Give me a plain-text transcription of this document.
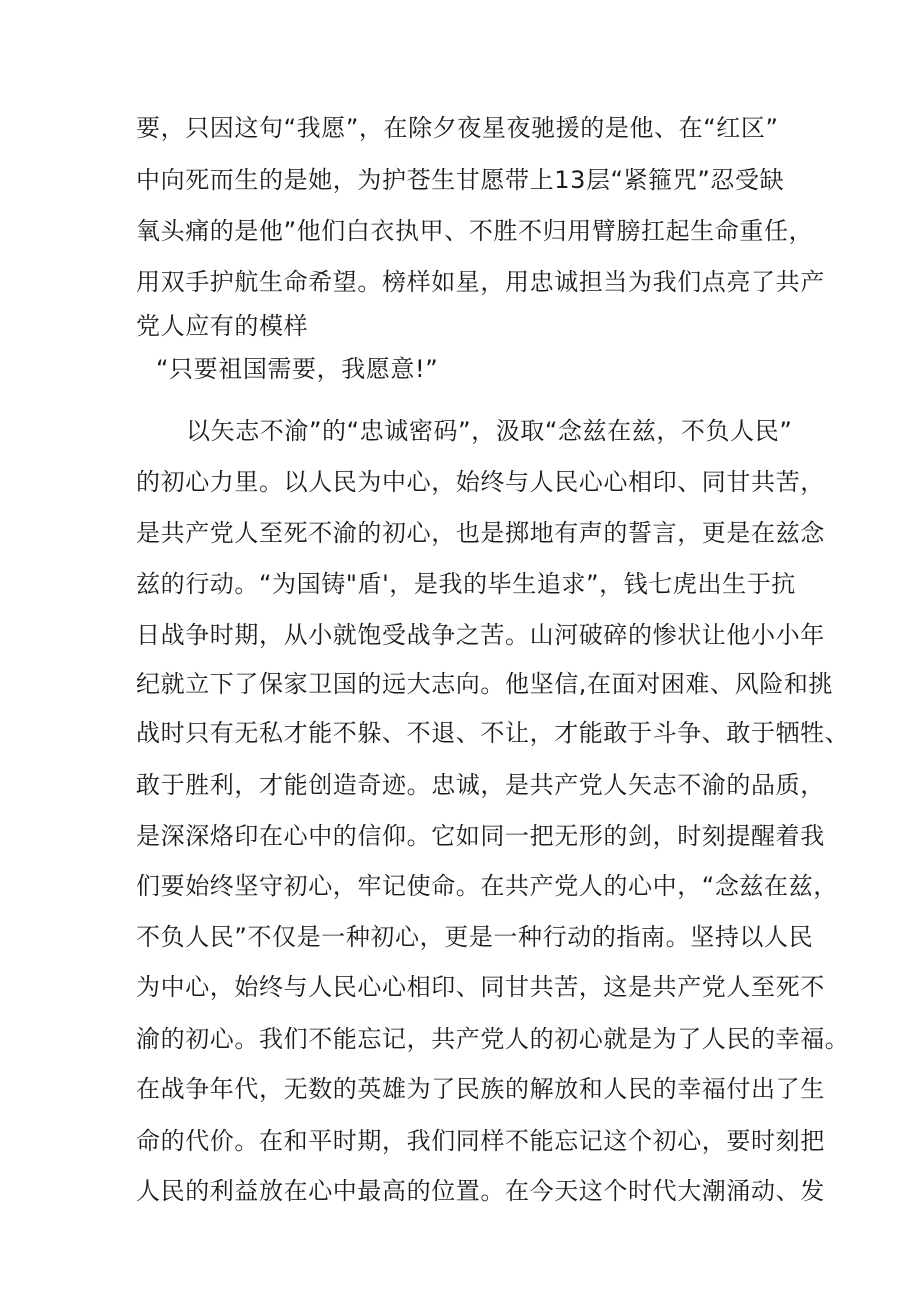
要，只因这句“我愿”，在除夕夜星夜驰援的是他、在“红区”
中向死而生的是她，为护苍生甘愿带上13层“紧箍咒”忍受缺
氧头痛的是他”他们白衣执甲、不胜不归用臂膀扛起生命重任，
用双手护航生命希望。榜样如星，用忠诚担当为我们点亮了共产
党人应有的模样
“只要祖国需要，我愿意!”
以矢志不渝”的“忠诚密码”，汲取“念兹在兹，不负人民”
的初心力里。以人民为中心，始终与人民心心相印、同甘共苦，
是共产党人至死不渝的初心，也是掷地有声的誓言，更是在兹念
兹的行动。“为国铸"盾'，是我的毕生追求”，钱七虎出生于抗
日战争时期，从小就饱受战争之苦。山河破碎的惨状让他小小年
纪就立下了保家卫国的远大志向。他坚信,在面对困难、风险和挑
战时只有无私才能不躲、不退、不让，才能敢于斗争、敢于牺牲、
敢于胜利，才能创造奇迹。忠诚，是共产党人矢志不渝的品质，
是深深烙印在心中的信仰。它如同一把无形的剑，时刻提醒着我
们要始终坚守初心，牢记使命。在共产党人的心中，“念兹在兹，
不负人民”不仅是一种初心，更是一种行动的指南。坚持以人民
为中心，始终与人民心心相印、同甘共苦，这是共产党人至死不
渝的初心。我们不能忘记，共产党人的初心就是为了人民的幸福。
在战争年代，无数的英雄为了民族的解放和人民的幸福付出了生
命的代价。在和平时期，我们同样不能忘记这个初心，要时刻把
人民的利益放在心中最高的位置。在今天这个时代大潮涌动、发
